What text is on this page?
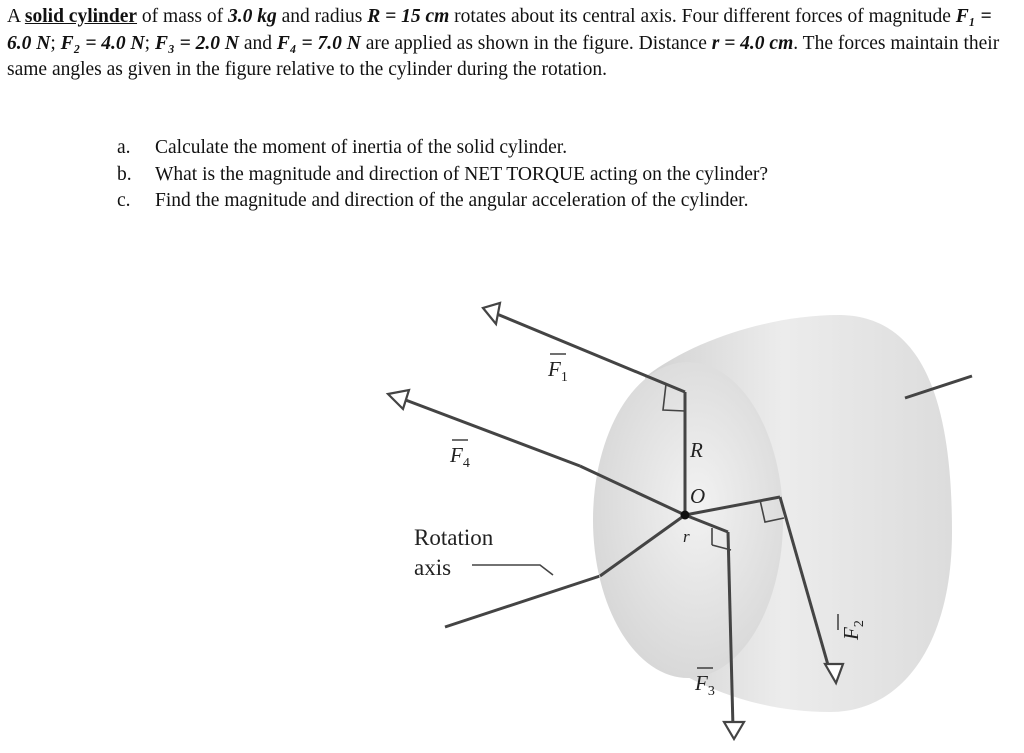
A solid cylinder of mass of 3.0 kg and radius R = 15 cm rotates about its central axis. Four different forces of magnitude F₁ = 6.0 N; F₂ = 4.0 N; F₃ = 2.0 N and F₄ = 7.0 N are applied as shown in the figure. Distance r = 4.0 cm. The forces maintain their same angles as given in the figure relative to the cylinder during the rotation.
a.	Calculate the moment of inertia of the solid cylinder.
b.	What is the magnitude and direction of NET TORQUE acting on the cylinder?
c.	Find the magnitude and direction of the angular acceleration of the cylinder.
$F_1$
$F_4$
$F_3$
$F_2$
R
O
r
Rotation
axis
